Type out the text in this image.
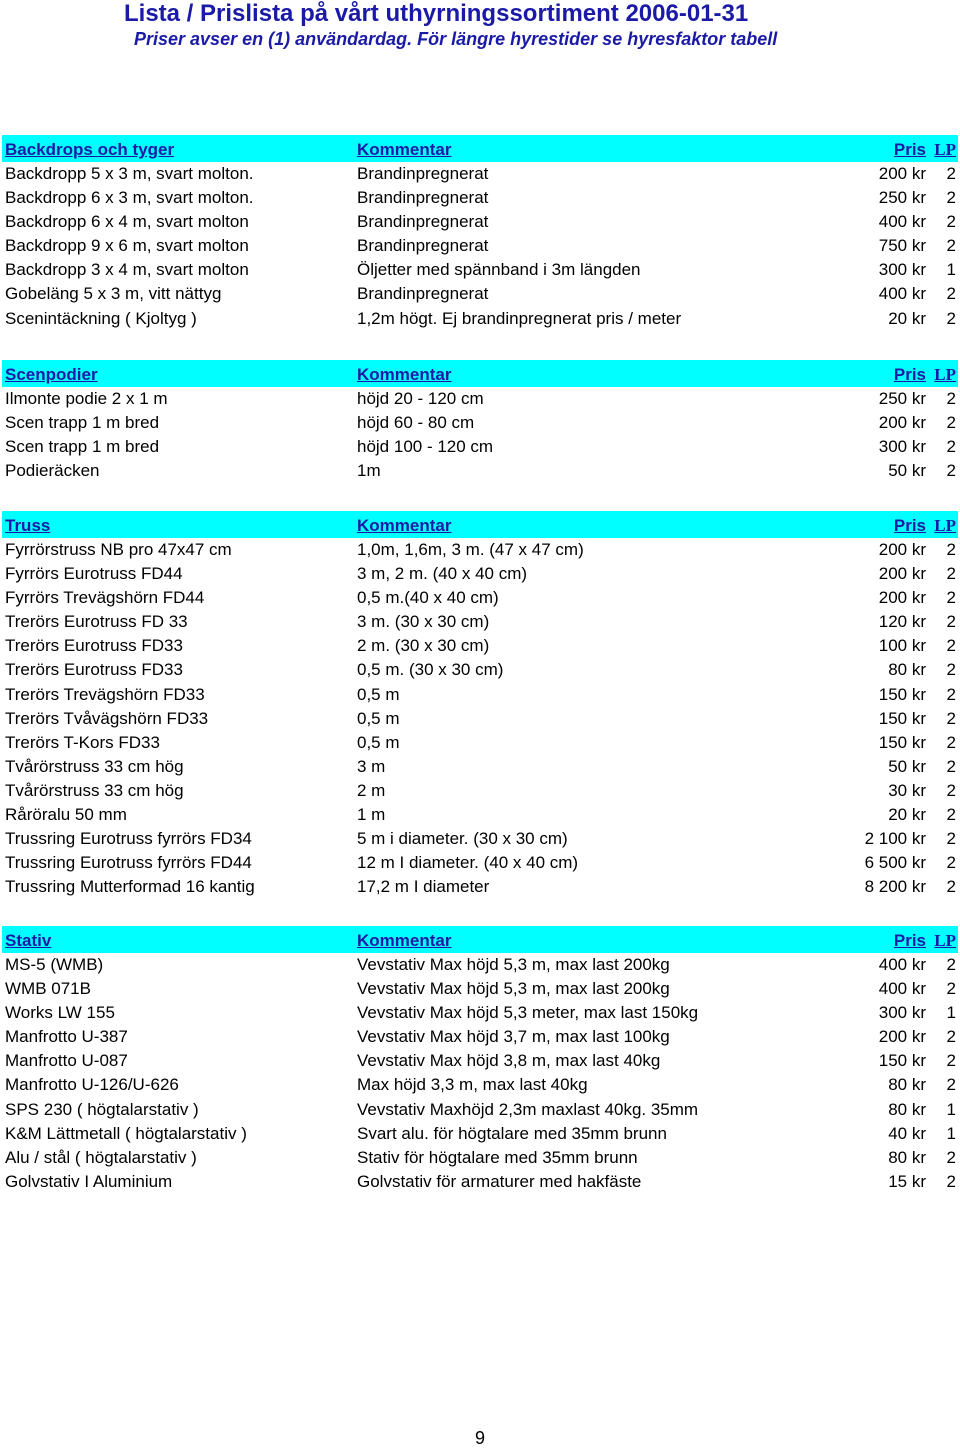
Lista / Prislista på vårt uthyrningssortiment 2006-01-31
Priser avser en (1) användardag. För längre hyrestider se hyresfaktor tabell
Backdrops och tyger	Kommentar	Pris LP
Backdropp 5 x 3 m, svart molton.	Brandinpregnerat	200 kr 2
Backdropp 6 x 3 m, svart molton.	Brandinpregnerat	250 kr 2
Backdropp 6 x 4 m, svart molton	Brandinpregnerat	400 kr 2
Backdropp 9 x 6 m, svart molton	Brandinpregnerat	750 kr 2
Backdropp 3 x 4 m, svart molton	Öljetter med spännband i 3m längden	300 kr 1
Gobeläng 5 x 3 m, vitt nättyg	Brandinpregnerat	400 kr 2
Scenintäckning ( Kjoltyg )	1,2m högt. Ej brandinpregnerat pris / meter	20 kr 2
Scenpodier	Kommentar	Pris LP
Ilmonte podie 2 x 1 m	höjd 20 - 120 cm	250 kr 2
Scen trapp 1 m bred	höjd 60 - 80 cm	200 kr 2
Scen trapp 1 m bred	höjd 100 - 120 cm	300 kr 2
Podieräcken	1m	50 kr 2
Truss	Kommentar	Pris LP
Fyrrörstruss NB pro 47x47 cm	1,0m, 1,6m, 3 m. (47 x 47 cm)	200 kr 2
Fyrrörs Eurotruss FD44	3 m, 2 m. (40 x 40 cm)	200 kr 2
Fyrrörs Trevägshörn FD44	0,5 m.(40 x 40 cm)	200 kr 2
Trerörs Eurotruss FD 33	3 m. (30 x 30 cm)	120 kr 2
Trerörs Eurotruss FD33	2 m. (30 x 30 cm)	100 kr 2
Trerörs Eurotruss FD33	0,5 m. (30 x 30 cm)	80 kr 2
Trerörs Trevägshörn FD33	0,5 m	150 kr 2
Trerörs Tvåvägshörn FD33	0,5 m	150 kr 2
Trerörs T-Kors FD33	0,5 m	150 kr 2
Tvårörstruss 33 cm hög	3 m	50 kr 2
Tvårörstruss 33 cm hög	2 m	30 kr 2
Råröralu 50 mm	1 m	20 kr 2
Trussring Eurotruss fyrrörs FD34	5 m i diameter. (30 x 30 cm)	2 100 kr 2
Trussring Eurotruss fyrrörs FD44	12 m I diameter. (40 x 40 cm)	6 500 kr 2
Trussring Mutterformad 16 kantig	17,2 m I diameter	8 200 kr 2
Stativ	Kommentar	Pris LP
MS-5 (WMB)	Vevstativ Max höjd 5,3 m, max last 200kg	400 kr 2
WMB 071B	Vevstativ Max höjd 5,3 m, max last 200kg	400 kr 2
Works LW 155	Vevstativ Max höjd 5,3 meter, max last 150kg	300 kr 1
Manfrotto U-387	Vevstativ Max höjd 3,7 m, max last 100kg	200 kr 2
Manfrotto U-087	Vevstativ Max höjd 3,8 m, max last 40kg	150 kr 2
Manfrotto U-126/U-626	Max höjd 3,3 m, max last 40kg	80 kr 2
SPS 230 ( högtalarstativ )	Vevstativ Maxhöjd 2,3m maxlast 40kg. 35mm	80 kr 1
K&M Lättmetall ( högtalarstativ )	Svart alu. för högtalare med 35mm brunn	40 kr 1
Alu / stål ( högtalarstativ )	Stativ för högtalare med 35mm brunn	80 kr 2
Golvstativ I Aluminium	Golvstativ för armaturer med hakfäste	15 kr 2
9
